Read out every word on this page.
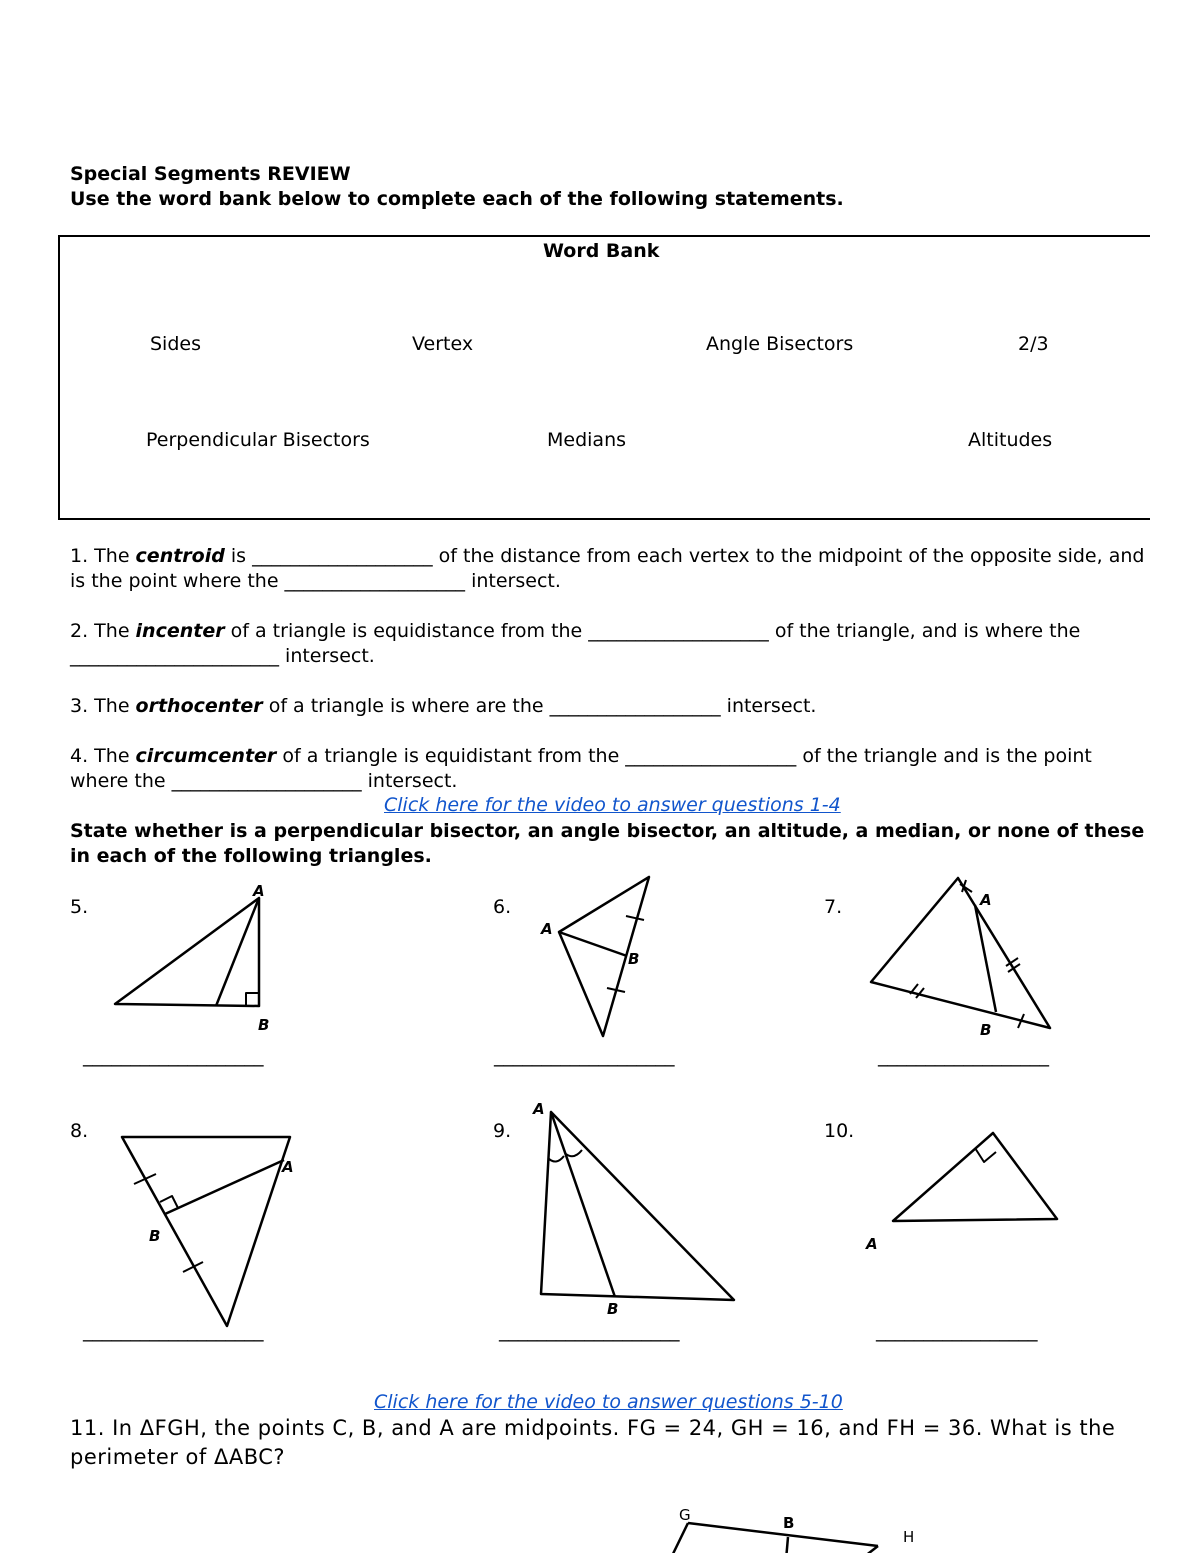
Special Segments REVIEW
Use the word bank below to complete each of the following statements.
Word Bank
Sides	Vertex	Angle Bisectors	2/3
Perpendicular Bisectors	Medians	Altitudes
1. The centroid is ___________________ of the distance from each vertex to the midpoint of the opposite side, and is the point where the ___________________ intersect.
2. The incenter of a triangle is equidistance from the ___________________ of the triangle, and is where the ______________________ intersect.
3. The orthocenter of a triangle is where are the __________________ intersect.
4. The circumcenter of a triangle is equidistant from the __________________ of the triangle and is the point where the ____________________ intersect.
Click here for the video to answer questions 1-4
State whether is a perpendicular bisector, an angle bisector, an altitude, a median, or none of these in each of the following triangles.
5.	6.	7.
8.	9.	10.
___________________	___________________	__________________
___________________	___________________	_________________
A
B
A
B
A
B
A
B
A
B
A
G	B
H
Click here for the video to answer questions 5-10
11. In ΔFGH, the points C, B, and A are midpoints. FG = 24, GH = 16, and FH = 36. What is the perimeter of ΔABC?
